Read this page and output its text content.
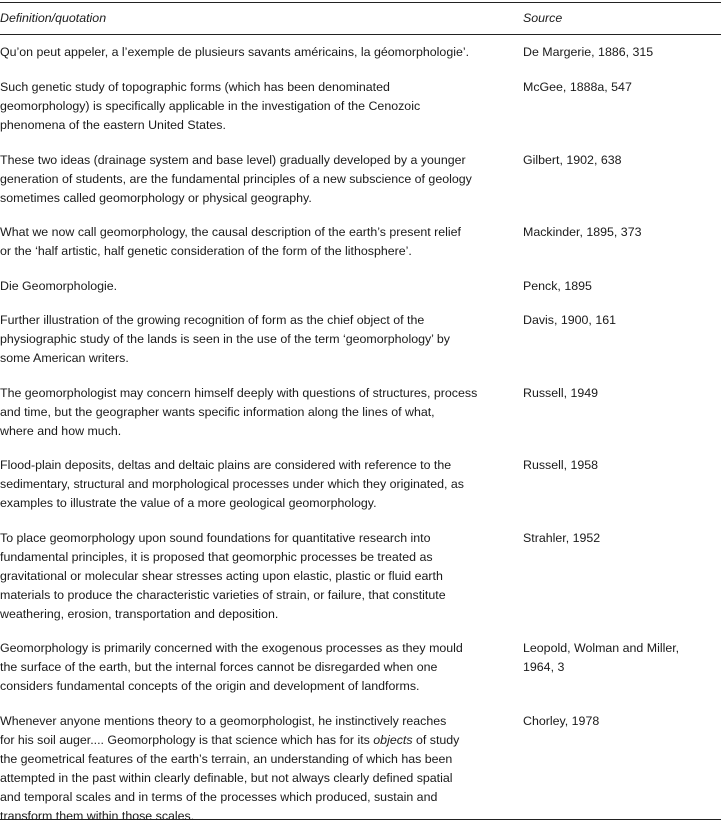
Definition/quotation	Source
Qu’on peut appeler, a l’exemple de plusieurs savants américains, la géomorphologie’.	De Margerie, 1886, 315
Such genetic study of topographic forms (which has been denominated
geomorphology) is specifically applicable in the investigation of the Cenozoic
phenomena of the eastern United States.
McGee, 1888a, 547
These two ideas (drainage system and base level) gradually developed by a younger
generation of students, are the fundamental principles of a new subscience of geology
sometimes called geomorphology or physical geography.
Gilbert, 1902, 638
What we now call geomorphology, the causal description of the earth’s present relief
or the ‘half artistic, half genetic consideration of the form of the lithosphere’.
Mackinder, 1895, 373
Die Geomorphologie.	Penck, 1895
Further illustration of the growing recognition of form as the chief object of the
physiographic study of the lands is seen in the use of the term ‘geomorphology’ by
some American writers.
Davis, 1900, 161
The geomorphologist may concern himself deeply with questions of structures, process
and time, but the geographer wants specific information along the lines of what,
where and how much.
Russell, 1949
Flood-plain deposits, deltas and deltaic plains are considered with reference to the
sedimentary, structural and morphological processes under which they originated, as
examples to illustrate the value of a more geological geomorphology.
Russell, 1958
To place geomorphology upon sound foundations for quantitative research into
fundamental principles, it is proposed that geomorphic processes be treated as
gravitational or molecular shear stresses acting upon elastic, plastic or fluid earth
materials to produce the characteristic varieties of strain, or failure, that constitute
weathering, erosion, transportation and deposition.
Strahler, 1952
Geomorphology is primarily concerned with the exogenous processes as they mould
the surface of the earth, but the internal forces cannot be disregarded when one
considers fundamental concepts of the origin and development of landforms.
Leopold, Wolman and Miller,
1964, 3
Whenever anyone mentions theory to a geomorphologist, he instinctively reaches
for his soil auger.... Geomorphology is that science which has for its objects of study
the geometrical features of the earth’s terrain, an understanding of which has been
attempted in the past within clearly definable, but not always clearly defined spatial
and temporal scales and in terms of the processes which produced, sustain and
transform them within those scales.
Chorley, 1978
